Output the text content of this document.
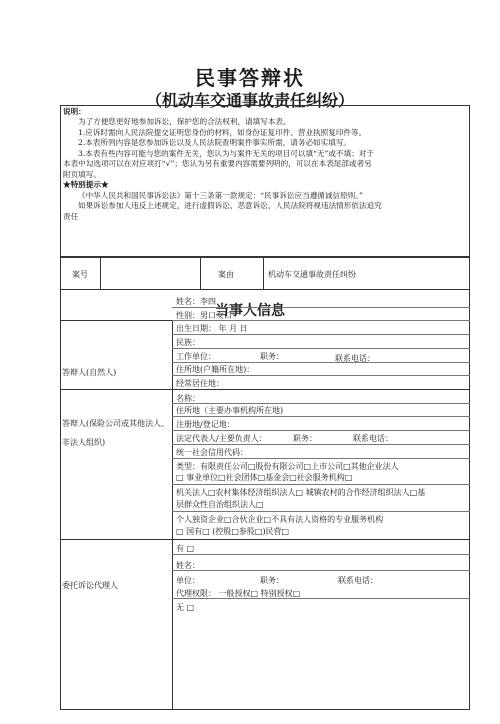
民事答辩状
（机动车交通事故责任纠纷）
说明：
为了方便您更好地参加诉讼，保护您的合法权利，请填写本表。
1.应诉时需向人民法院提交证明您身份的材料，如身份证复印件、营业执照复印件等。
2.本表所列内容是您参加诉讼以及人民法院查明案件事实所需，请务必如实填写。
3.本表有些内容可能与您的案件无关，您认为与案件无关的项目可以填“无”或不填；对于
本表中勾选项可以在对应项打“√”；您认为另有重要内容需要列明的，可以在本表尾部或者另
附页填写。
★特别提示★
《中华人民共和国民事诉讼法》第十三条第一款规定：“民事诉讼应当遵循诚信原则。”
如果诉讼参加人违反上述规定，进行虚假诉讼、恶意诉讼，人民法院将视违法情形依法追究
责任
案号	案由	机动车交通事故责任纠纷
当事人信息
答辩人(自然人)
姓名：李四
性别：男口女口
出生日期： 年 月 日
民族：
工作单位：	职务：	联系电话：
住所地(户籍所在地)：
经常居住地：
答辩人(保险公司或其他法人、
非法人组织)
名称：
住所地（主要办事机构所在地)
注册地/登记地：
法定代表人/主要负责人：	职务：	联系电话：
统一社会信用代码：
类型：有限责任公司□股份有限公司□上市公司□其他企业法人
□ 事业单位□社会团体□基金会□社会服务机构□
机关法人□农村集体经济组织法人□ 城镇农村的合作经济组织法人□基
层群众性自治组织法人□
个人独资企业□合伙企业□不具有法人资格的专业服务机构
□ 国有□ (控股□参股□)民营□
委托诉讼代理人
有 □
姓名：
单位：	职务：	联系电话：
代理权限： 一般授权□ 特别授权□
无 □
